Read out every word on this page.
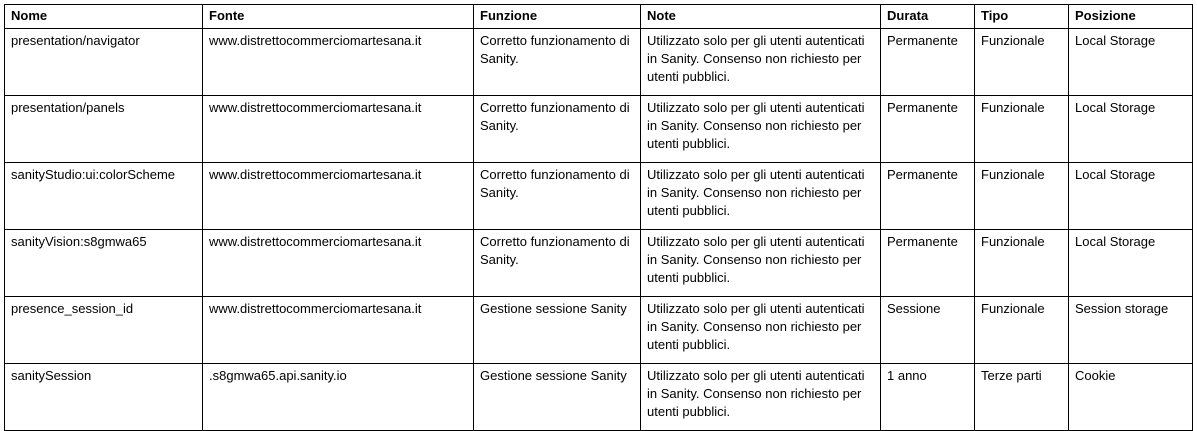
Nome	Fonte	Funzione	Note	Durata	Tipo	Posizione
presentation/navigator	www.distrettocommerciomartesana.it	Corretto funzionamento di Sanity.	Utilizzato solo per gli utenti autenticati in Sanity. Consenso non richiesto per utenti pubblici.	Permanente	Funzionale	Local Storage
presentation/panels	www.distrettocommerciomartesana.it	Corretto funzionamento di Sanity.	Utilizzato solo per gli utenti autenticati in Sanity. Consenso non richiesto per utenti pubblici.	Permanente	Funzionale	Local Storage
sanityStudio:ui:colorScheme	www.distrettocommerciomartesana.it	Corretto funzionamento di Sanity.	Utilizzato solo per gli utenti autenticati in Sanity. Consenso non richiesto per utenti pubblici.	Permanente	Funzionale	Local Storage
sanityVision:s8gmwa65	www.distrettocommerciomartesana.it	Corretto funzionamento di Sanity.	Utilizzato solo per gli utenti autenticati in Sanity. Consenso non richiesto per utenti pubblici.	Permanente	Funzionale	Local Storage
presence_session_id	www.distrettocommerciomartesana.it	Gestione sessione Sanity	Utilizzato solo per gli utenti autenticati in Sanity. Consenso non richiesto per utenti pubblici.	Sessione	Funzionale	Session storage
sanitySession	.s8gmwa65.api.sanity.io	Gestione sessione Sanity	Utilizzato solo per gli utenti autenticati in Sanity. Consenso non richiesto per utenti pubblici.	1 anno	Terze parti	Cookie
